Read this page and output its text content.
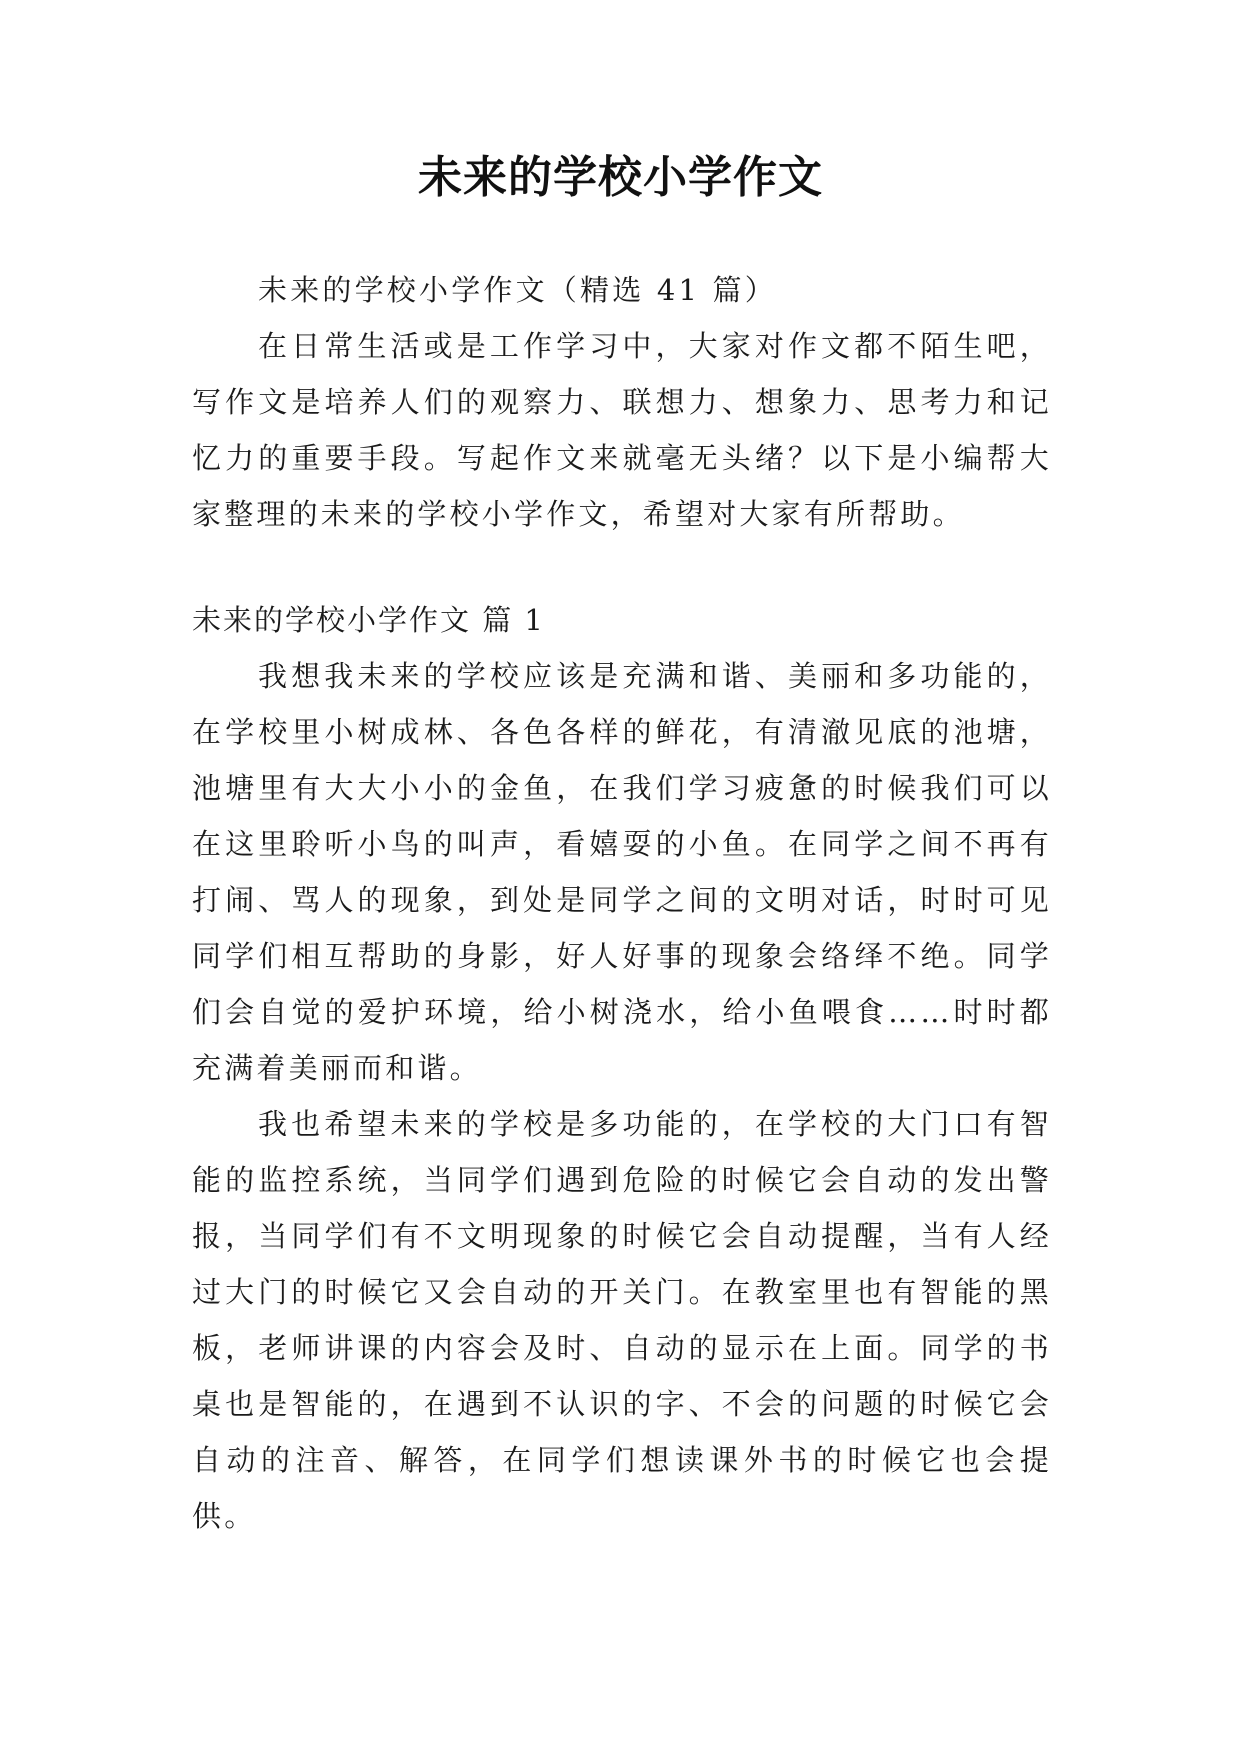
未来的学校小学作文

未来的学校小学作文（精选 41 篇）

在日常生活或是工作学习中，大家对作文都不陌生吧，写作文是培养人们的观察力、联想力、想象力、思考力和记忆力的重要手段。写起作文来就毫无头绪？以下是小编帮大家整理的未来的学校小学作文，希望对大家有所帮助。

未来的学校小学作文 篇 1

我想我未来的学校应该是充满和谐、美丽和多功能的，在学校里小树成林、各色各样的鲜花，有清澈见底的池塘，池塘里有大大小小的金鱼，在我们学习疲惫的时候我们可以在这里聆听小鸟的叫声，看嬉耍的小鱼。在同学之间不再有打闹、骂人的现象，到处是同学之间的文明对话，时时可见同学们相互帮助的身影，好人好事的现象会络绎不绝。同学们会自觉的爱护环境，给小树浇水，给小鱼喂食……时时都充满着美丽而和谐。

我也希望未来的学校是多功能的，在学校的大门口有智能的监控系统，当同学们遇到危险的时候它会自动的发出警报，当同学们有不文明现象的时候它会自动提醒，当有人经过大门的时候它又会自动的开关门。在教室里也有智能的黑板，老师讲课的内容会及时、自动的显示在上面。同学的书桌也是智能的，在遇到不认识的字、不会的问题的时候它会自动的注音、解答，在同学们想读课外书的时候它也会提供。
